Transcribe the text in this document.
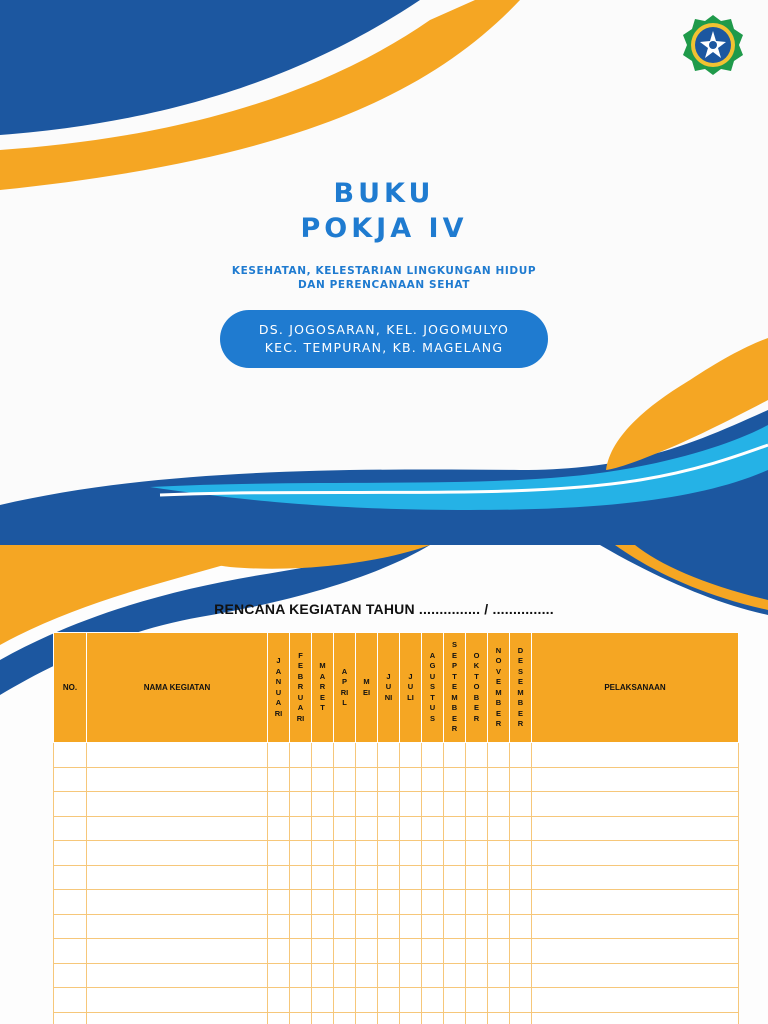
BUKU
POKJA IV
KESEHATAN, KELESTARIAN LINGKUNGAN HIDUP
DAN PERENCANAAN SEHAT
DS. JOGOSARAN, KEL. JOGOMULYO
KEC. TEMPURAN, KB. MAGELANG
RENCANA KEGIATAN TAHUN ............... / ...............
NO.	NAMA KEGIATAN	JANUARI	FEBRUARI	MARET	APRIL	MEI	JUNI	JULI	AGUSTUS	SEPTEMBER	OKTOBER	NOVEMBER	DESEMBER	PELAKSANAAN
